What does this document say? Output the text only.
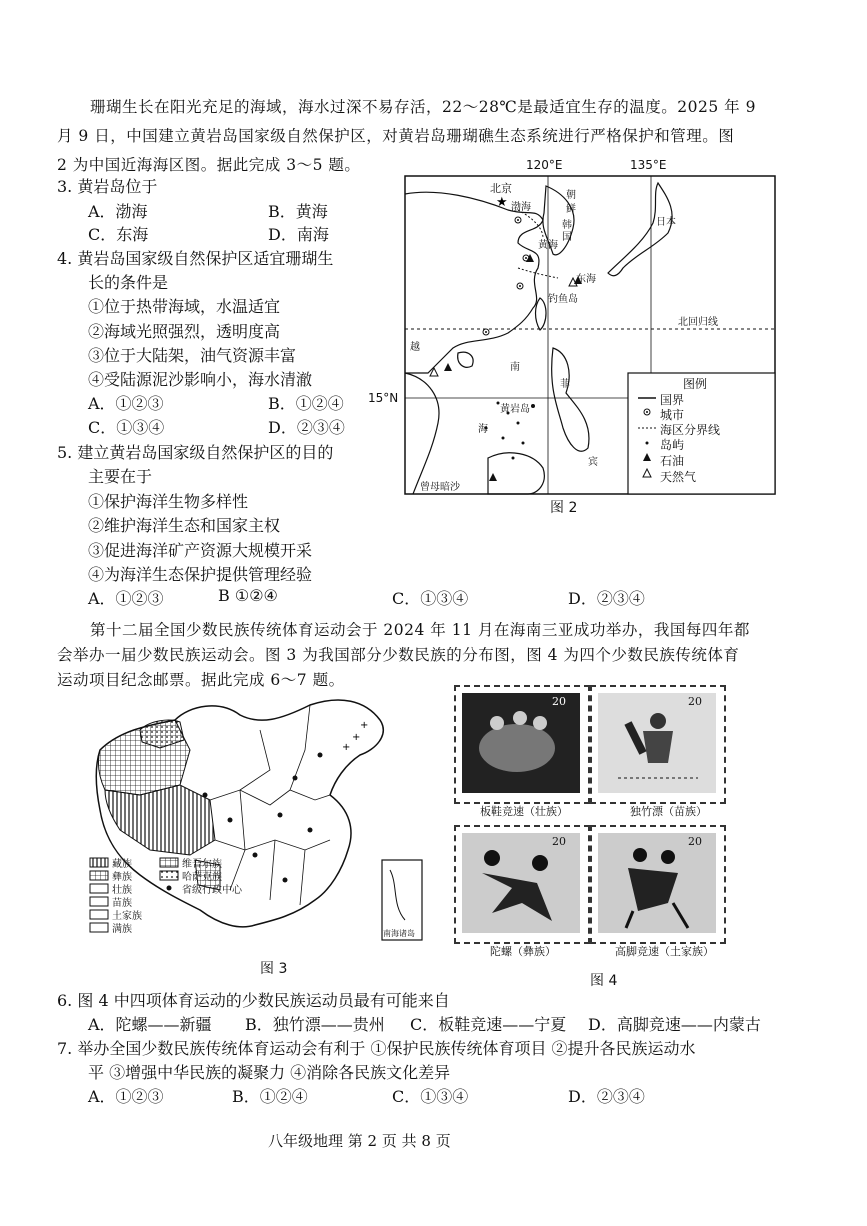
珊瑚生长在阳光充足的海域，海水过深不易存活，22～28℃是最适宜生存的温度。2025 年 9
月 9 日，中国建立黄岩岛国家级自然保护区，对黄岩岛珊瑚礁生态系统进行严格保护和管理。图
2 为中国近海海区图。据此完成 3～5 题。
3. 黄岩岛位于
A．渤海	B．黄海
C．东海	D．南海
4. 黄岩岛国家级自然保护区适宜珊瑚生
长的条件是
①位于热带海域，水温适宜
②海域光照强烈，透明度高
③位于大陆架，油气资源丰富
④受陆源泥沙影响小，海水清澈
A．①②③	B．①②④
C．①③④	D．②③④
5. 建立黄岩岛国家级自然保护区的目的
主要在于
①保护海洋生物多样性
②维护海洋生态和国家主权
③促进海洋矿产资源大规模开采
④为海洋生态保护提供管理经验
A．①②③	B ①②④	C．①③④	D．②③④
★
120°E	135°E
15°N
北京
渤海
黄海
东海
朝
鲜
韩
国
日本
钓鱼岛
北回归线
越
南
菲
黄岩岛
海
宾
曾母暗沙
图例
国界
城市
海区分界线
岛屿
石油
天然气
图 2
第十二届全国少数民族传统体育运动会于 2024 年 11 月在海南三亚成功举办，我国每四年都
会举办一届少数民族运动会。图 3 为我国部分少数民族的分布图，图 4 为四个少数民族传统体育
运动项目纪念邮票。据此完成 6～7 题。
+
+
+
藏族
彝族
壮族
苗族
土家族
满族
维吾尔族
哈萨克族
省级行政中心
南海诸岛
图 3
20
板鞋竞速（壮族）
20
独竹漂（苗族）
20
陀螺（彝族）
20
高脚竞速（土家族）
图 4
6. 图 4 中四项体育运动的少数民族运动员最有可能来自
A．陀螺——新疆 B．独竹漂——贵州 C．板鞋竞速——宁夏 D．高脚竞速——内蒙古
7. 举办全国少数民族传统体育运动会有利于 ①保护民族传统体育项目 ②提升各民族运动水
平 ③增强中华民族的凝聚力 ④消除各民族文化差异
A．①②③	B．①②④	C．①③④	D．②③④
八年级地理 第 2 页 共 8 页
